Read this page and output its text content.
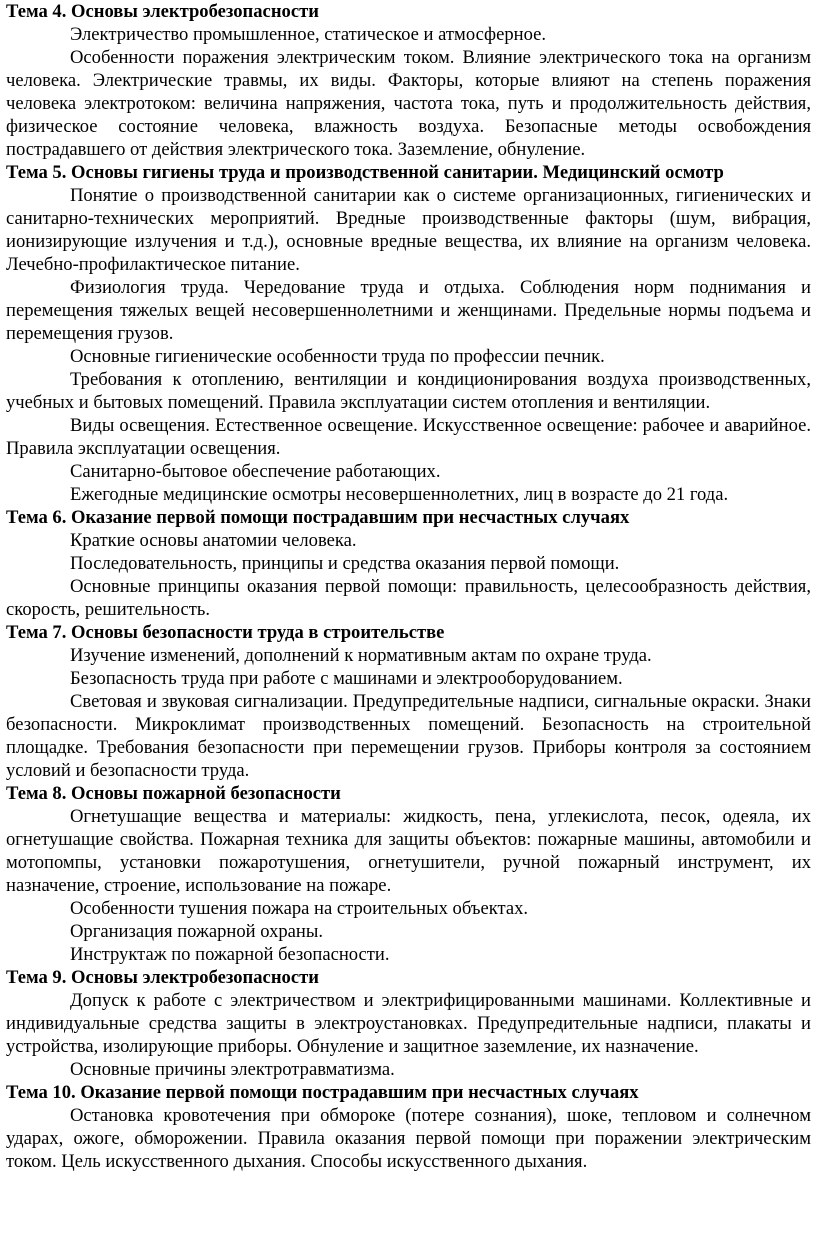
Тема 4. Основы электробезопасности

Электричество промышленное, статическое и атмосферное.

Особенности поражения электрическим током. Влияние электрического тока на организм человека. Электрические травмы, их виды. Факторы, которые влияют на степень поражения человека электротоком: величина напряжения, частота тока, путь и продолжительность действия, физическое состояние человека, влажность воздуха. Безопасные методы освобождения пострадавшего от действия электрического тока. Заземление, обнуление.

Тема 5. Основы гигиены труда и производственной санитарии. Медицинский осмотр

Понятие о производственной санитарии как о системе организационных, гигиенических и санитарно-технических мероприятий. Вредные производственные факторы (шум, вибрация, ионизирующие излучения и т.д.), основные вредные вещества, их влияние на организм человека. Лечебно-профилактическое питание.

Физиология труда. Чередование труда и отдыха. Соблюдения норм поднимания и перемещения тяжелых вещей несовершеннолетними и женщинами. Предельные нормы подъема и перемещения грузов.

Основные гигиенические особенности труда по профессии печник.

Требования к отоплению, вентиляции и кондиционирования воздуха производственных, учебных и бытовых помещений. Правила эксплуатации систем отопления и вентиляции.

Виды освещения. Естественное освещение. Искусственное освещение: рабочее и аварийное. Правила эксплуатации освещения.

Санитарно-бытовое обеспечение работающих.

Ежегодные медицинские осмотры несовершеннолетних, лиц в возрасте до 21 года.

Тема 6. Оказание первой помощи пострадавшим при несчастных случаях

Краткие основы анатомии человека.

Последовательность, принципы и средства оказания первой помощи.

Основные принципы оказания первой помощи: правильность, целесообразность действия, скорость, решительность.

Тема 7. Основы безопасности труда в строительстве

Изучение изменений, дополнений к нормативным актам по охране труда.

Безопасность труда при работе с машинами и электрооборудованием.

Световая и звуковая сигнализации. Предупредительные надписи, сигнальные окраски. Знаки безопасности. Микроклимат производственных помещений. Безопасность на строительной площадке. Требования безопасности при перемещении грузов. Приборы контроля за состоянием условий и безопасности труда.

Тема 8. Основы пожарной безопасности

Огнетушащие вещества и материалы: жидкость, пена, углекислота, песок, одеяла, их огнетушащие свойства. Пожарная техника для защиты объектов: пожарные машины, автомобили и мотопомпы, установки пожаротушения, огнетушители, ручной пожарный инструмент, их назначение, строение, использование на пожаре.

Особенности тушения пожара на строительных объектах.

Организация пожарной охраны.

Инструктаж по пожарной безопасности.

Тема 9. Основы электробезопасности

Допуск к работе с электричеством и электрифицированными машинами. Коллективные и индивидуальные средства защиты в электроустановках. Предупредительные надписи, плакаты и устройства, изолирующие приборы. Обнуление и защитное заземление, их назначение.

Основные причины электротравматизма.

Тема 10. Оказание первой помощи пострадавшим при несчастных случаях

Остановка кровотечения при обмороке (потере сознания), шоке, тепловом и солнечном ударах, ожоге, обморожении. Правила оказания первой помощи при поражении электрическим током. Цель искусственного дыхания. Способы искусственного дыхания.
